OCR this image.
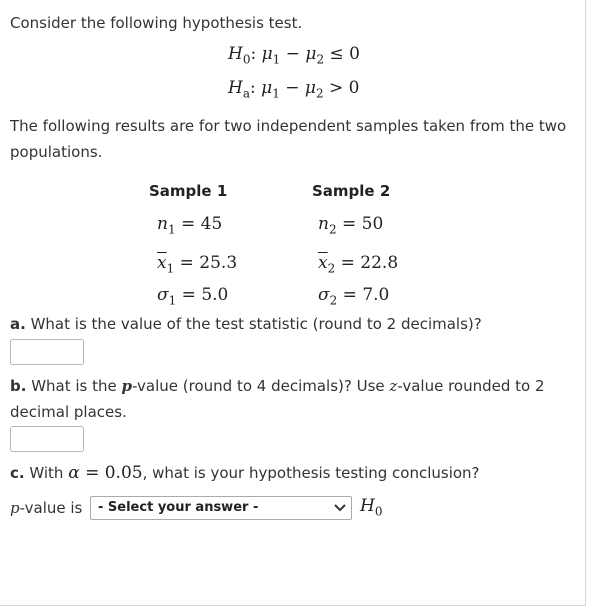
Consider the following hypothesis test.
$H_0$: $\mu_1 - \mu_2 \le 0$
$H_a$: $\mu_1 - \mu_2 > 0$
The following results are for two independent samples taken from the two
populations.
Sample 1	Sample 2
$n_1 = 45$	$n_2 = 50$
$\overline{x}_1 = 25.3$	$\overline{x}_2 = 22.8$
$\sigma_1 = 5.0$	$\sigma_2 = 7.0$
a. What is the value of the test statistic (round to 2 decimals)?
b. What is the p-value (round to 4 decimals)? Use z-value rounded to 2
decimal places.
c. With α = 0.05, what is your hypothesis testing conclusion?
p-value is	- Select your answer -	$H_0$
